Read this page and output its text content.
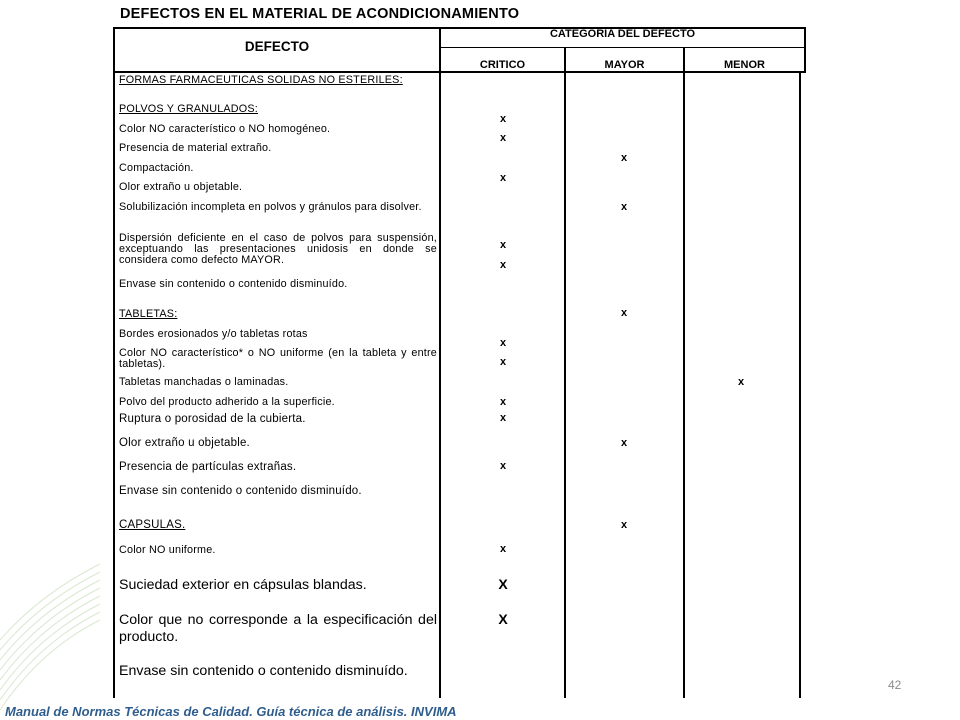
DEFECTOS EN EL MATERIAL DE ACONDICIONAMIENTO
DEFECTO
CATEGORIA DEL DEFECTO
CRITICO	MAYOR	MENOR
FORMAS FARMACEUTICAS SOLIDAS NO ESTERILES:
POLVOS Y GRANULADOS:
Color NO característico o NO homogéneo.
Presencia de material extraño.
Compactación.
Olor extraño u objetable.
Solubilización incompleta en polvos y gránulos para disolver.
Dispersión deficiente en el caso de polvos para suspensión, exceptuando las presentaciones unidosis en donde se considera como defecto MAYOR.
Envase sin contenido o contenido disminuído.
TABLETAS:
Bordes erosionados y/o tabletas rotas
Color NO característico* o NO uniforme (en la tableta y entre tabletas).
Tabletas manchadas o laminadas.
Polvo del producto adherido a la superficie.
Ruptura o porosidad de la cubierta.
Olor extraño u objetable.
Presencia de partículas extrañas.
Envase sin contenido o contenido disminuído.
CAPSULAS.
Color NO uniforme.
Suciedad exterior en cápsulas blandas.
Color que no corresponde a la especificación del producto.
Envase sin contenido o contenido disminuído.
x
x
x
x
x
x
x
x
x
x
x
x
x
x
x
x
x
X
X
42
Manual de Normas Técnicas de Calidad. Guía técnica de análisis. INVIMA
